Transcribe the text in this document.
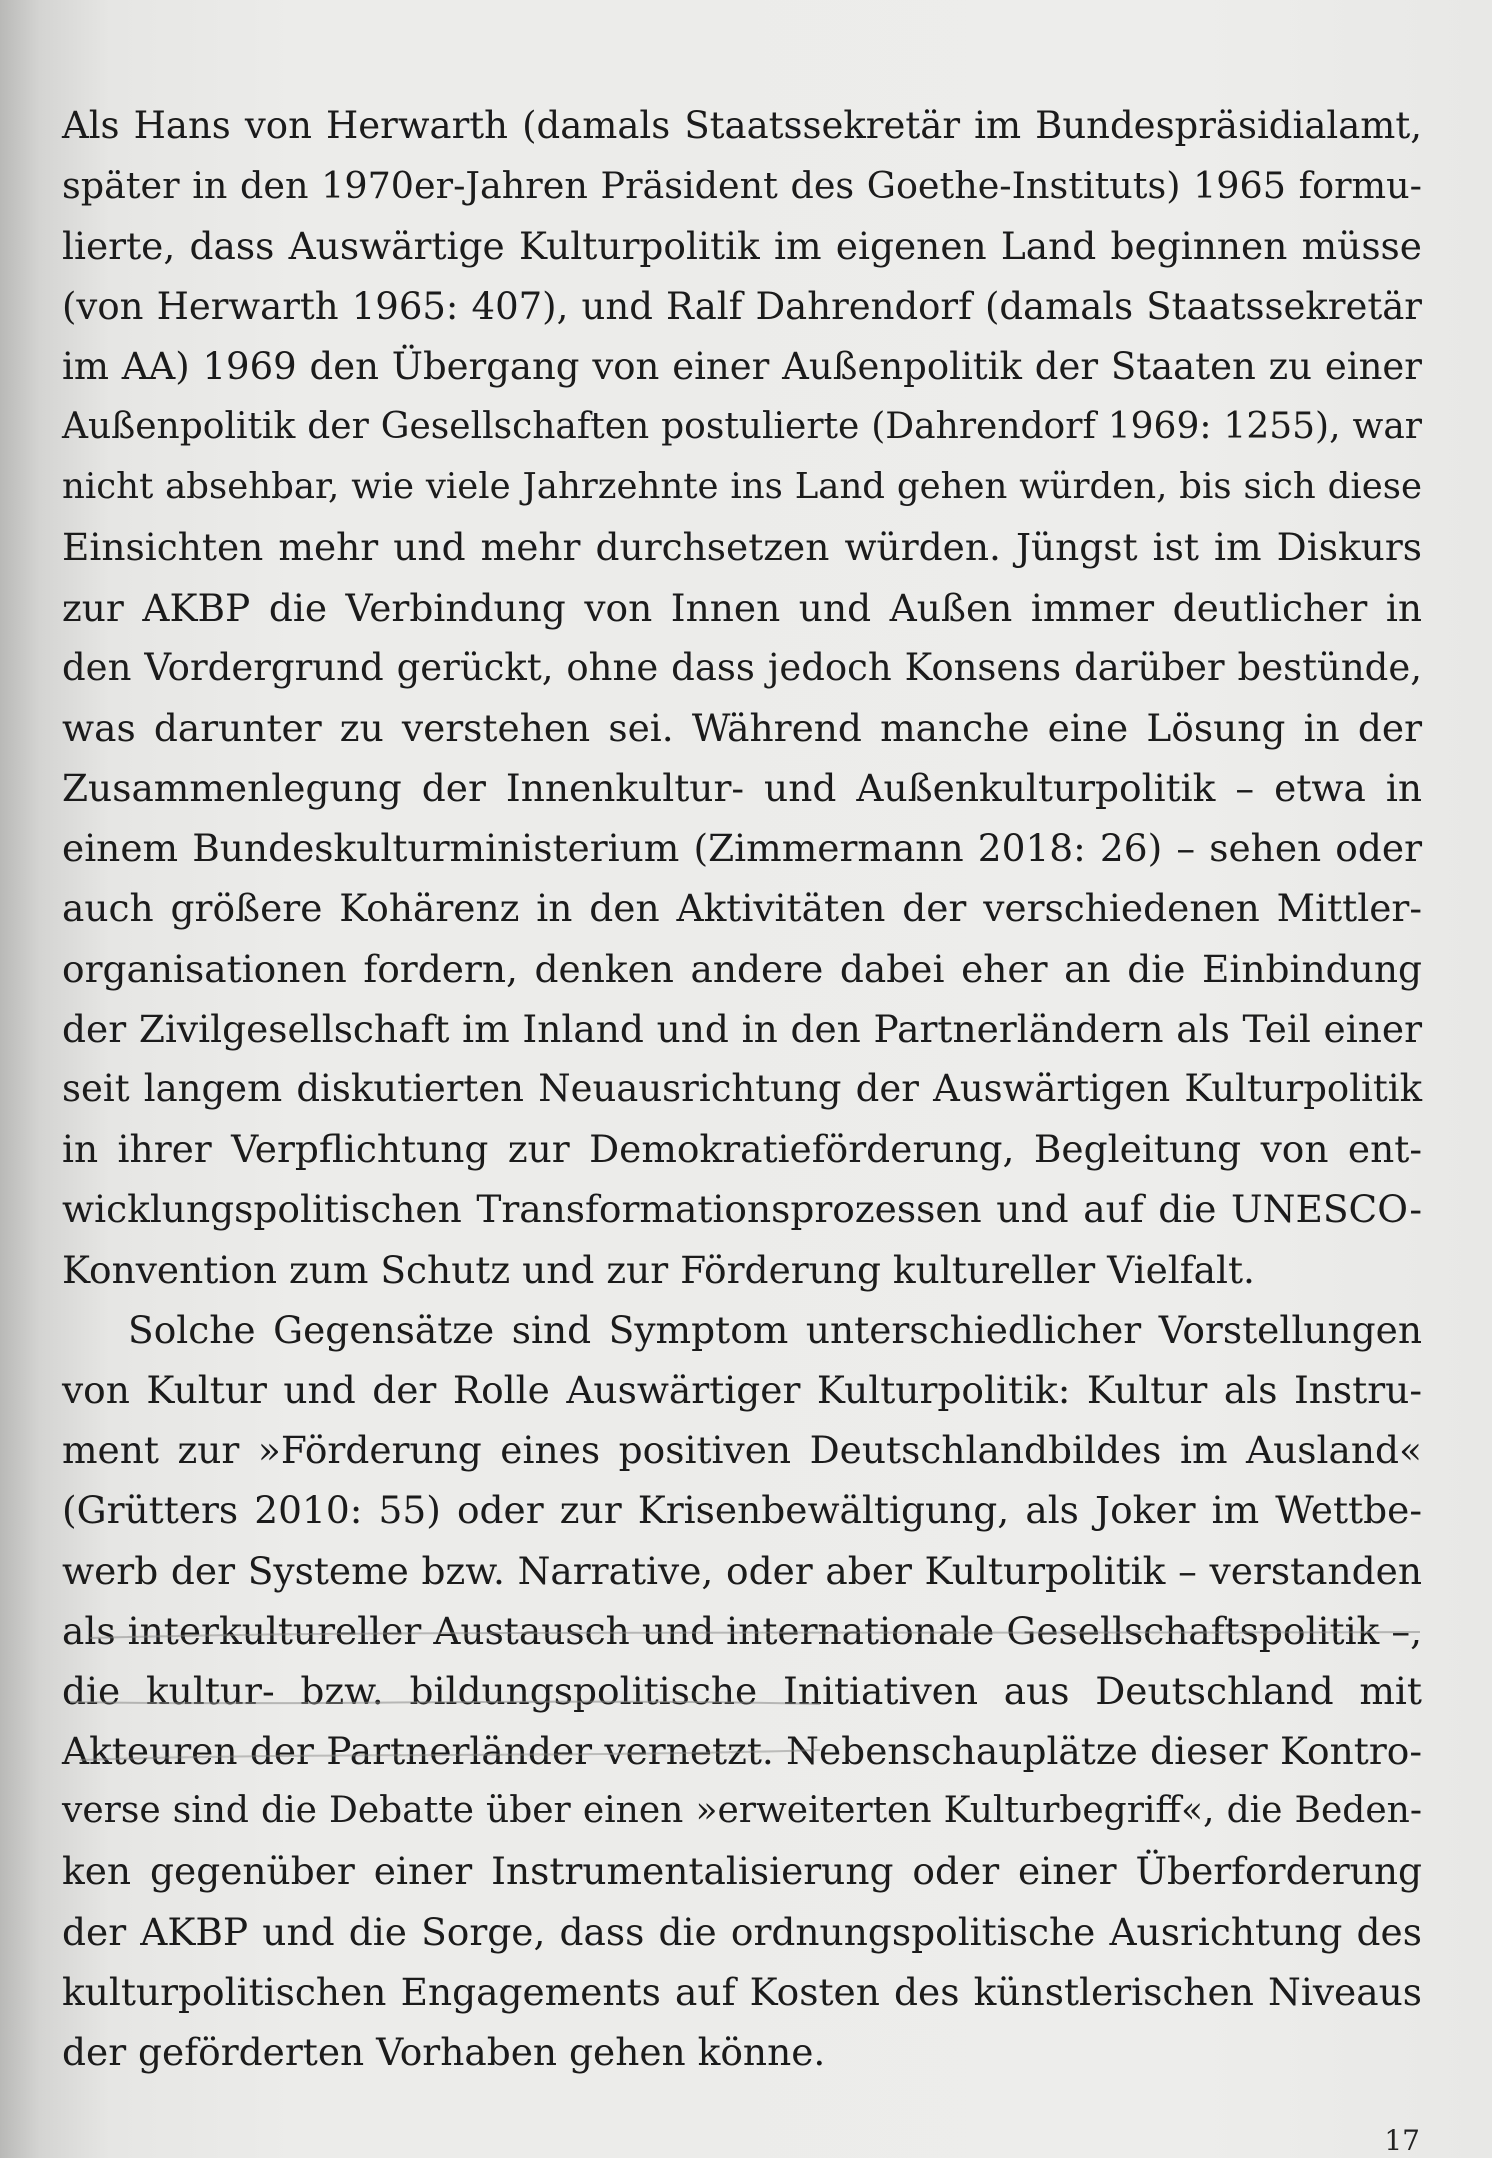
Als Hans von Herwarth (damals Staatssekretär im Bundespräsidialamt,
später in den 1970er-Jahren Präsident des Goethe-Instituts) 1965 formu-
lierte, dass Auswärtige Kulturpolitik im eigenen Land beginnen müsse
(von Herwarth 1965: 407), und Ralf Dahrendorf (damals Staatssekretär
im AA) 1969 den Übergang von einer Außenpolitik der Staaten zu einer
Außenpolitik der Gesellschaften postulierte (Dahrendorf 1969: 1255), war
nicht absehbar, wie viele Jahrzehnte ins Land gehen würden, bis sich diese
Einsichten mehr und mehr durchsetzen würden. Jüngst ist im Diskurs
zur AKBP die Verbindung von Innen und Außen immer deutlicher in
den Vordergrund gerückt, ohne dass jedoch Konsens darüber bestünde,
was darunter zu verstehen sei. Während manche eine Lösung in der
Zusammenlegung der Innenkultur- und Außenkulturpolitik – etwa in
einem Bundeskulturministerium (Zimmermann 2018: 26) – sehen oder
auch größere Kohärenz in den Aktivitäten der verschiedenen Mittler-
organisationen fordern, denken andere dabei eher an die Einbindung
der Zivilgesellschaft im Inland und in den Partnerländern als Teil einer
seit langem diskutierten Neuausrichtung der Auswärtigen Kulturpolitik
in ihrer Verpflichtung zur Demokratieförderung, Begleitung von ent-
wicklungspolitischen Transformationsprozessen und auf die UNESCO-
Konvention zum Schutz und zur Förderung kultureller Vielfalt.
Solche Gegensätze sind Symptom unterschiedlicher Vorstellungen
von Kultur und der Rolle Auswärtiger Kulturpolitik: Kultur als Instru-
ment zur »Förderung eines positiven Deutschlandbildes im Ausland«
(Grütters 2010: 55) oder zur Krisenbewältigung, als Joker im Wettbe-
werb der Systeme bzw. Narrative, oder aber Kulturpolitik – verstanden
als interkultureller Austausch und internationale Gesellschaftspolitik –,
die kultur- bzw. bildungspolitische Initiativen aus Deutschland mit
Akteuren der Partnerländer vernetzt. Nebenschauplätze dieser Kontro-
verse sind die Debatte über einen »erweiterten Kulturbegriff«, die Beden-
ken gegenüber einer Instrumentalisierung oder einer Überforderung
der AKBP und die Sorge, dass die ordnungspolitische Ausrichtung des
kulturpolitischen Engagements auf Kosten des künstlerischen Niveaus
der geförderten Vorhaben gehen könne.
17
